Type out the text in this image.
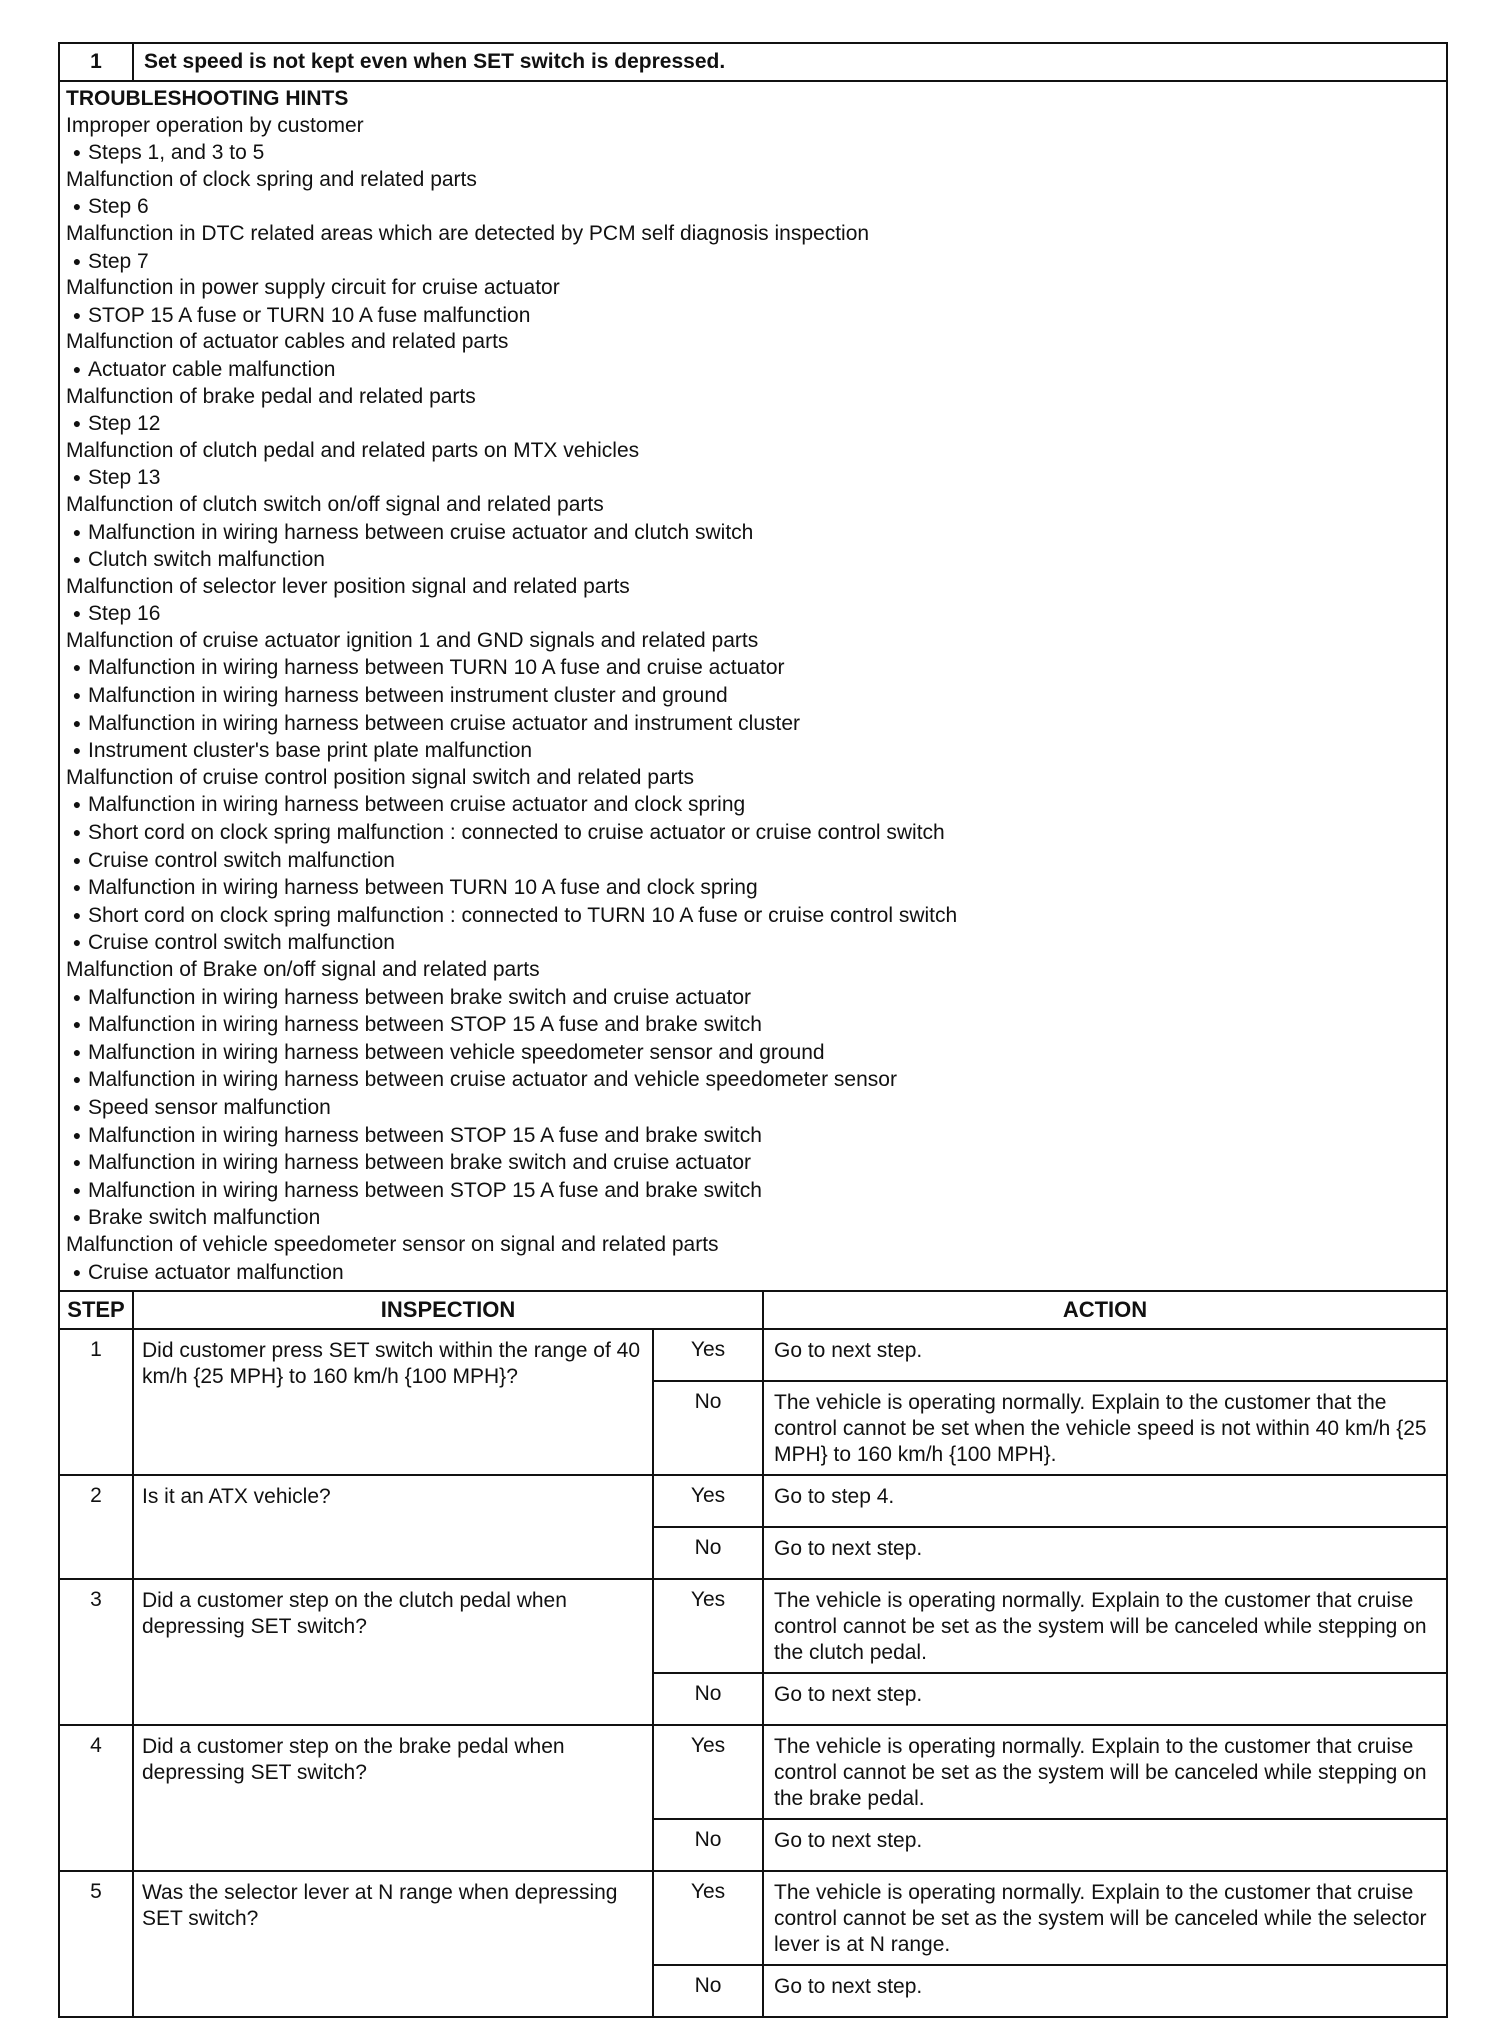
1	Set speed is not kept even when SET switch is depressed.

TROUBLESHOOTING HINTS
Improper operation by customer
● Steps 1, and 3 to 5
Malfunction of clock spring and related parts
● Step 6
Malfunction in DTC related areas which are detected by PCM self diagnosis inspection
● Step 7
Malfunction in power supply circuit for cruise actuator
● STOP 15 A fuse or TURN 10 A fuse malfunction
Malfunction of actuator cables and related parts
● Actuator cable malfunction
Malfunction of brake pedal and related parts
● Step 12
Malfunction of clutch pedal and related parts on MTX vehicles
● Step 13
Malfunction of clutch switch on/off signal and related parts
● Malfunction in wiring harness between cruise actuator and clutch switch
● Clutch switch malfunction
Malfunction of selector lever position signal and related parts
● Step 16
Malfunction of cruise actuator ignition 1 and GND signals and related parts
● Malfunction in wiring harness between TURN 10 A fuse and cruise actuator
● Malfunction in wiring harness between instrument cluster and ground
● Malfunction in wiring harness between cruise actuator and instrument cluster
● Instrument cluster's base print plate malfunction
Malfunction of cruise control position signal switch and related parts
● Malfunction in wiring harness between cruise actuator and clock spring
● Short cord on clock spring malfunction : connected to cruise actuator or cruise control switch
● Cruise control switch malfunction
● Malfunction in wiring harness between TURN 10 A fuse and clock spring
● Short cord on clock spring malfunction : connected to TURN 10 A fuse or cruise control switch
● Cruise control switch malfunction
Malfunction of Brake on/off signal and related parts
● Malfunction in wiring harness between brake switch and cruise actuator
● Malfunction in wiring harness between STOP 15 A fuse and brake switch
● Malfunction in wiring harness between vehicle speedometer sensor and ground
● Malfunction in wiring harness between cruise actuator and vehicle speedometer sensor
● Speed sensor malfunction
● Malfunction in wiring harness between STOP 15 A fuse and brake switch
● Malfunction in wiring harness between brake switch and cruise actuator
● Malfunction in wiring harness between STOP 15 A fuse and brake switch
● Brake switch malfunction
Malfunction of vehicle speedometer sensor on signal and related parts
● Cruise actuator malfunction
STEP	INSPECTION		ACTION
1	Did customer press SET switch within the range of 40 km/h {25 MPH} to 160 km/h {100 MPH}?	Yes	Go to next step.
		No	The vehicle is operating normally. Explain to the customer that the control cannot be set when the vehicle speed is not within 40 km/h {25 MPH} to 160 km/h {100 MPH}.
2	Is it an ATX vehicle?	Yes	Go to step 4.
		No	Go to next step.
3	Did a customer step on the clutch pedal when depressing SET switch?	Yes	The vehicle is operating normally. Explain to the customer that cruise control cannot be set as the system will be canceled while stepping on the clutch pedal.
		No	Go to next step.
4	Did a customer step on the brake pedal when depressing SET switch?	Yes	The vehicle is operating normally. Explain to the customer that cruise control cannot be set as the system will be canceled while stepping on the brake pedal.
		No	Go to next step.
5	Was the selector lever at N range when depressing SET switch?	Yes	The vehicle is operating normally. Explain to the customer that cruise control cannot be set as the system will be canceled while the selector lever is at N range.
		No	Go to next step.
